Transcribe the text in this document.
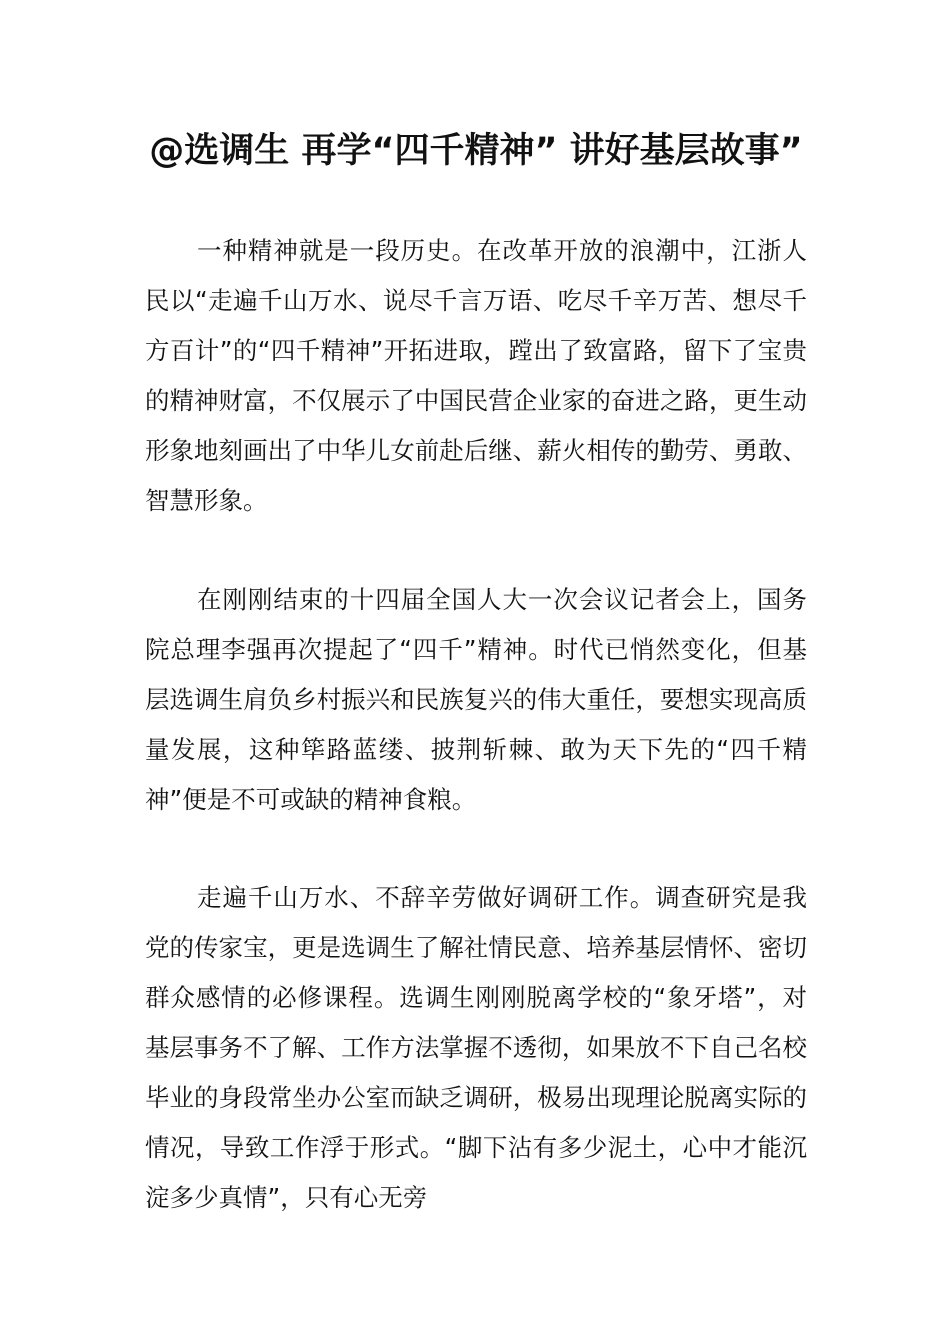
@选调生 再学“四千精神” 讲好基层故事”

一种精神就是一段历史。在改革开放的浪潮中，江浙人民以“走遍千山万水、说尽千言万语、吃尽千辛万苦、想尽千方百计”的“四千精神”开拓进取，蹚出了致富路，留下了宝贵的精神财富，不仅展示了中国民营企业家的奋进之路，更生动形象地刻画出了中华儿女前赴后继、薪火相传的勤劳、勇敢、智慧形象。

在刚刚结束的十四届全国人大一次会议记者会上，国务院总理李强再次提起了“四千”精神。时代已悄然变化，但基层选调生肩负乡村振兴和民族复兴的伟大重任，要想实现高质量发展，这种筚路蓝缕、披荆斩棘、敢为天下先的“四千精神”便是不可或缺的精神食粮。

走遍千山万水、不辞辛劳做好调研工作。调查研究是我党的传家宝，更是选调生了解社情民意、培养基层情怀、密切群众感情的必修课程。选调生刚刚脱离学校的“象牙塔”，对基层事务不了解、工作方法掌握不透彻，如果放不下自己名校毕业的身段常坐办公室而缺乏调研，极易出现理论脱离实际的情况，导致工作浮于形式。“脚下沾有多少泥土，心中才能沉淀多少真情”，只有心无旁
